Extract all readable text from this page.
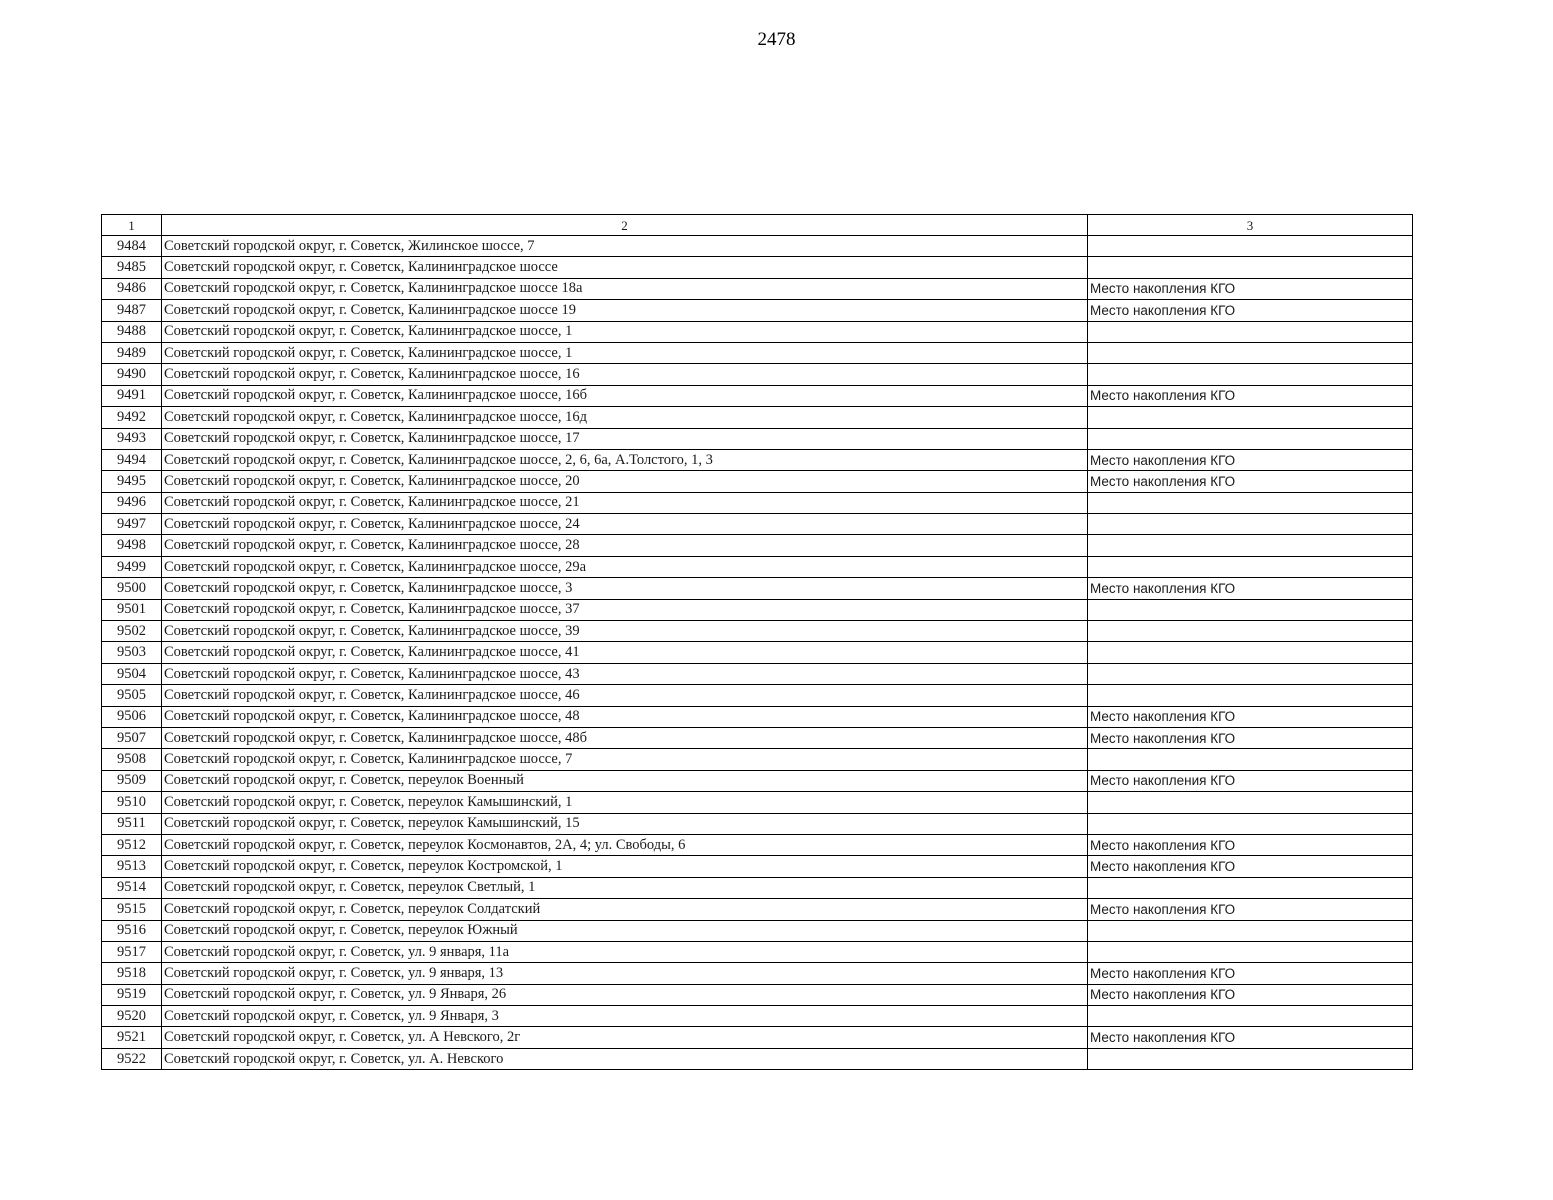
2478
1	2	3
9484	Советский городской округ, г. Советск, Жилинское шоссе, 7	
9485	Советский городской округ, г. Советск, Калининградское шоссе	
9486	Советский городской округ, г. Советск, Калининградское шоссе 18а	Место накопления КГО
9487	Советский городской округ, г. Советск, Калининградское шоссе 19	Место накопления КГО
9488	Советский городской округ, г. Советск, Калининградское шоссе, 1	
9489	Советский городской округ, г. Советск, Калининградское шоссе, 1	
9490	Советский городской округ, г. Советск, Калининградское шоссе, 16	
9491	Советский городской округ, г. Советск, Калининградское шоссе, 16б	Место накопления КГО
9492	Советский городской округ, г. Советск, Калининградское шоссе, 16д	
9493	Советский городской округ, г. Советск, Калининградское шоссе, 17	
9494	Советский городской округ, г. Советск, Калининградское шоссе, 2, 6, 6а, А.Толстого, 1, 3	Место накопления КГО
9495	Советский городской округ, г. Советск, Калининградское шоссе, 20	Место накопления КГО
9496	Советский городской округ, г. Советск, Калининградское шоссе, 21	
9497	Советский городской округ, г. Советск, Калининградское шоссе, 24	
9498	Советский городской округ, г. Советск, Калининградское шоссе, 28	
9499	Советский городской округ, г. Советск, Калининградское шоссе, 29а	
9500	Советский городской округ, г. Советск, Калининградское шоссе, 3	Место накопления КГО
9501	Советский городской округ, г. Советск, Калининградское шоссе, 37	
9502	Советский городской округ, г. Советск, Калининградское шоссе, 39	
9503	Советский городской округ, г. Советск, Калининградское шоссе, 41	
9504	Советский городской округ, г. Советск, Калининградское шоссе, 43	
9505	Советский городской округ, г. Советск, Калининградское шоссе, 46	
9506	Советский городской округ, г. Советск, Калининградское шоссе, 48	Место накопления КГО
9507	Советский городской округ, г. Советск, Калининградское шоссе, 48б	Место накопления КГО
9508	Советский городской округ, г. Советск, Калининградское шоссе, 7	
9509	Советский городской округ, г. Советск, переулок Военный	Место накопления КГО
9510	Советский городской округ, г. Советск, переулок Камышинский, 1	
9511	Советский городской округ, г. Советск, переулок Камышинский, 15	
9512	Советский городской округ, г. Советск, переулок Космонавтов, 2А, 4; ул. Свободы, 6	Место накопления КГО
9513	Советский городской округ, г. Советск, переулок Костромской, 1	Место накопления КГО
9514	Советский городской округ, г. Советск, переулок Светлый, 1	
9515	Советский городской округ, г. Советск, переулок Солдатский	Место накопления КГО
9516	Советский городской округ, г. Советск, переулок Южный	
9517	Советский городской округ, г. Советск, ул. 9 января, 11а	
9518	Советский городской округ, г. Советск, ул. 9 января, 13	Место накопления КГО
9519	Советский городской округ, г. Советск, ул. 9 Января, 26	Место накопления КГО
9520	Советский городской округ, г. Советск, ул. 9 Января, 3	
9521	Советский городской округ, г. Советск, ул. А Невского, 2г	Место накопления КГО
9522	Советский городской округ, г. Советск, ул. А. Невского	
